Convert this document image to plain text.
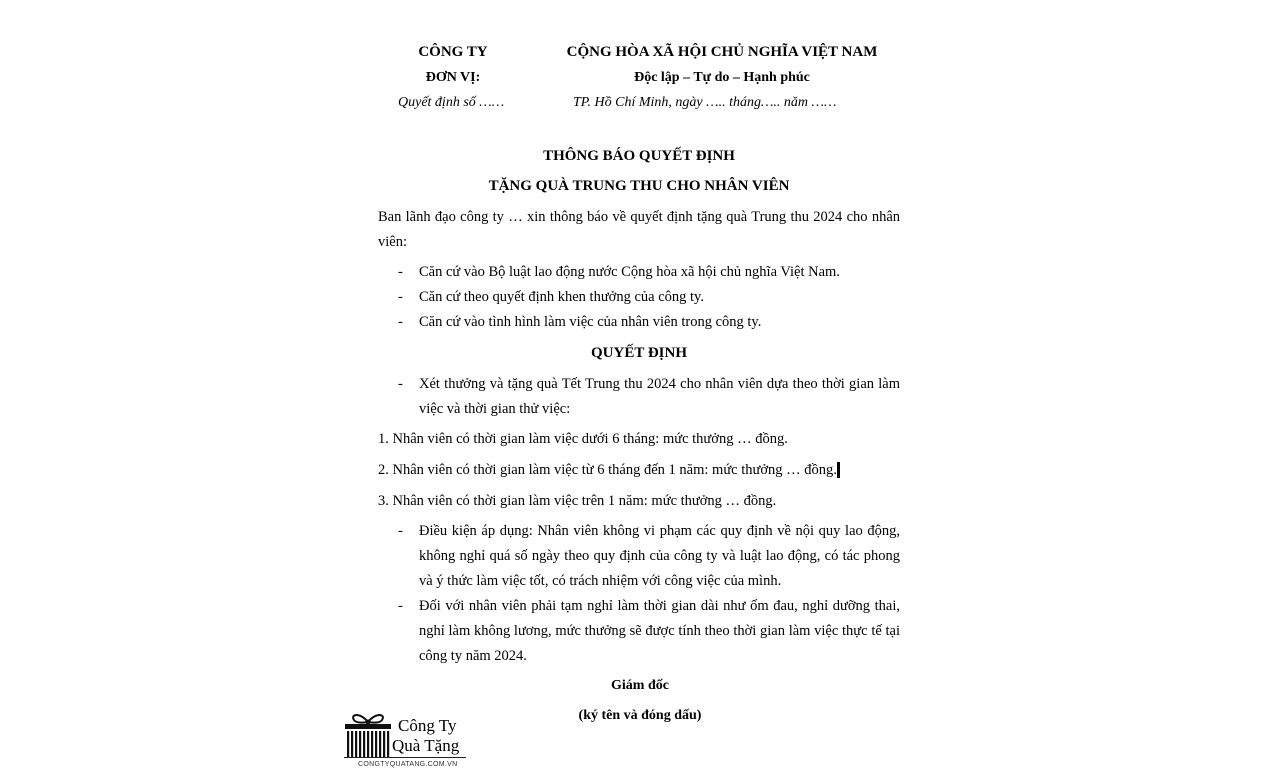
CÔNG TY
ĐƠN VỊ:
Quyết định số ……
CỘNG HÒA XÃ HỘI CHỦ NGHĨA VIỆT NAM
Độc lập – Tự do – Hạnh phúc
TP. Hồ Chí Minh, ngày ….. tháng….. năm ……
THÔNG BÁO QUYẾT ĐỊNH
TẶNG QUÀ TRUNG THU CHO NHÂN VIÊN
Ban lãnh đạo công ty … xin thông báo về quyết định tặng quà Trung thu 2024 cho nhân
viên:
- Căn cứ vào Bộ luật lao động nước Cộng hòa xã hội chủ nghĩa Việt Nam.
- Căn cứ theo quyết định khen thưởng của công ty.
- Căn cứ vào tình hình làm việc của nhân viên trong công ty.
QUYẾT ĐỊNH
- Xét thưởng và tặng quà Tết Trung thu 2024 cho nhân viên dựa theo thời gian làm
việc và thời gian thử việc:
1. Nhân viên có thời gian làm việc dưới 6 tháng: mức thưởng … đồng.
2. Nhân viên có thời gian làm việc từ 6 tháng đến 1 năm: mức thưởng … đồng.
3. Nhân viên có thời gian làm việc trên 1 năm: mức thưởng … đồng.
- Điều kiện áp dụng: Nhân viên không vi phạm các quy định về nội quy lao động,
không nghỉ quá số ngày theo quy định của công ty và luật lao động, có tác phong
và ý thức làm việc tốt, có trách nhiệm với công việc của mình.
- Đối với nhân viên phải tạm nghỉ làm thời gian dài như ốm đau, nghỉ dưỡng thai,
nghỉ làm không lương, mức thưởng sẽ được tính theo thời gian làm việc thực tế tại
công ty năm 2024.
Giám đốc
(ký tên và đóng dấu)
Công Ty
Quà Tặng
CONGTYQUATANG.COM.VN
